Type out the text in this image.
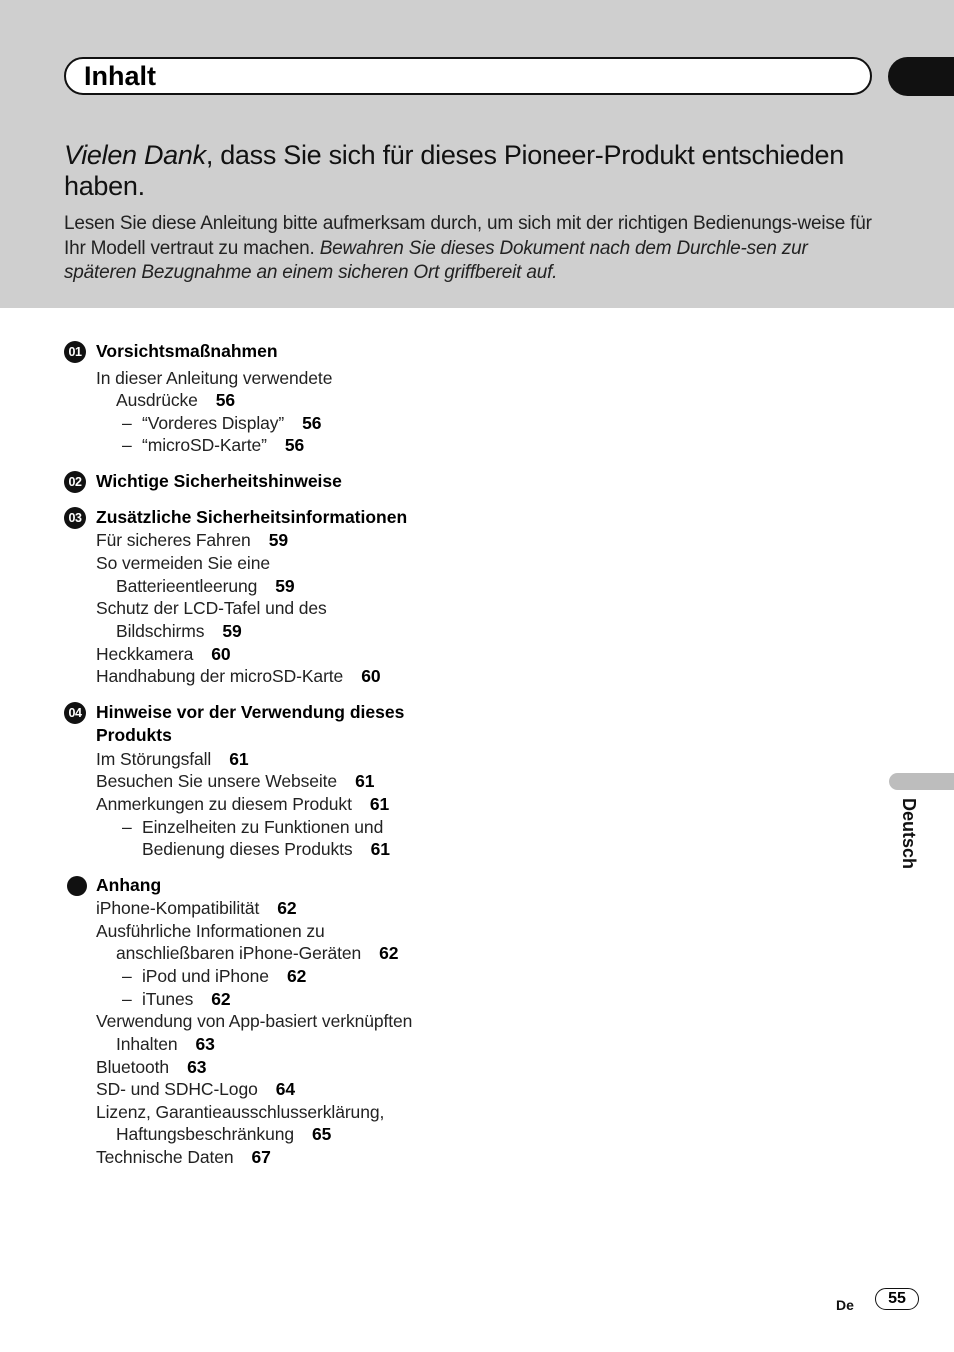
Inhalt
Vielen Dank, dass Sie sich für dieses Pioneer-Produkt entschieden haben.
Lesen Sie diese Anleitung bitte aufmerksam durch, um sich mit der richtigen Bedienungs-weise für Ihr Modell vertraut zu machen. Bewahren Sie dieses Dokument nach dem Durchle-sen zur späteren Bezugnahme an einem sicheren Ort griffbereit auf.
01 Vorsichtsmaßnahmen
In dieser Anleitung verwendete
Ausdrücke 56
– “Vorderes Display” 56
– “microSD-Karte” 56
02 Wichtige Sicherheitshinweise
03 Zusätzliche Sicherheitsinformationen
Für sicheres Fahren 59
So vermeiden Sie eine
Batterieentleerung 59
Schutz der LCD-Tafel und des
Bildschirms 59
Heckkamera 60
Handhabung der microSD-Karte 60
04 Hinweise vor der Verwendung dieses
Produkts
Im Störungsfall 61
Besuchen Sie unsere Webseite 61
Anmerkungen zu diesem Produkt 61
– Einzelheiten zu Funktionen und
Bedienung dieses Produkts 61
Anhang
iPhone-Kompatibilität 62
Ausführliche Informationen zu
anschließbaren iPhone-Geräten 62
– iPod und iPhone 62
– iTunes 62
Verwendung von App-basiert verknüpften
Inhalten 63
Bluetooth 63
SD- und SDHC-Logo 64
Lizenz, Garantieausschlusserklärung,
Haftungsbeschränkung 65
Technische Daten 67
Deutsch
De	55
